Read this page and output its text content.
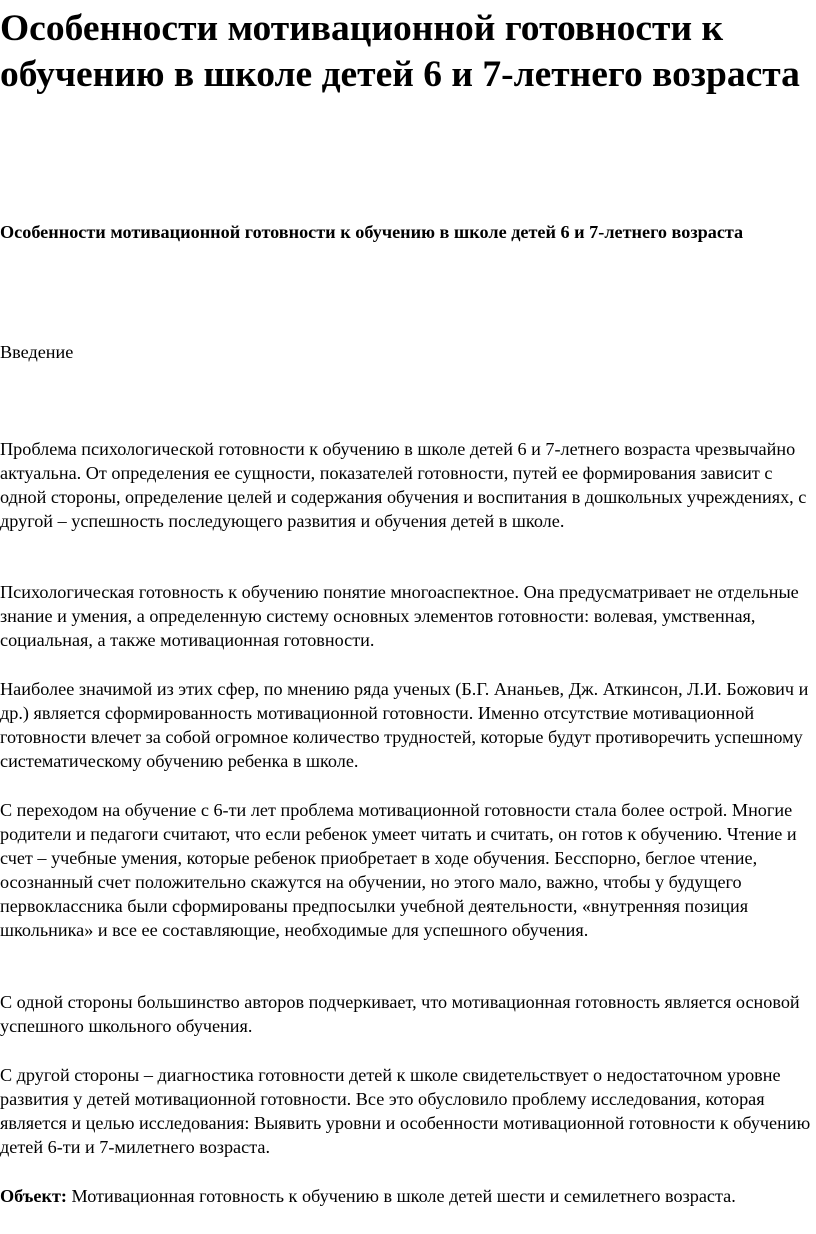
Особенности мотивационной готовности к обучению в школе детей 6 и 7-летнего возраста
Особенности мотивационной готовности к обучению в школе детей 6 и 7-летнего возраста

Введение

Проблема психологической готовности к обучению в школе детей 6 и 7-летнего возраста чрезвычайно актуальна. От определения ее сущности, показателей готовности, путей ее формирования зависит с одной стороны, определение целей и содержания обучения и воспитания в дошкольных учреждениях, с другой – успешность последующего развития и обучения детей в школе.

Психологическая готовность к обучению понятие многоаспектное. Она предусматривает не отдельные знание и умения, а определенную систему основных элементов готовности: волевая, умственная, социальная, а также мотивационная готовности.

Наиболее значимой из этих сфер, по мнению ряда ученых (Б.Г. Ананьев, Дж. Аткинсон, Л.И. Божович и др.) является сформированность мотивационной готовности. Именно отсутствие мотивационной готовности влечет за собой огромное количество трудностей, которые будут противоречить успешному систематическому обучению ребенка в школе.

С переходом на обучение с 6-ти лет проблема мотивационной готовности стала более острой. Многие родители и педагоги считают, что если ребенок умеет читать и считать, он готов к обучению. Чтение и счет – учебные умения, которые ребенок приобретает в ходе обучения. Бесспорно, беглое чтение, осознанный счет положительно скажутся на обучении, но этого мало, важно, чтобы у будущего первоклассника были сформированы предпосылки учебной деятельности, «внутренняя позиция школьника» и все ее составляющие, необходимые для успешного обучения.

С одной стороны большинство авторов подчеркивает, что мотивационная готовность является основой успешного школьного обучения.

С другой стороны – диагностика готовности детей к школе свидетельствует о недостаточном уровне развития у детей мотивационной готовности. Все это обусловило проблему исследования, которая является и целью исследования: Выявить уровни и особенности мотивационной готовности к обучению детей 6-ти и 7-милетнего возраста.

Объект: Мотивационная готовность к обучению в школе детей шести и семилетнего возраста.
